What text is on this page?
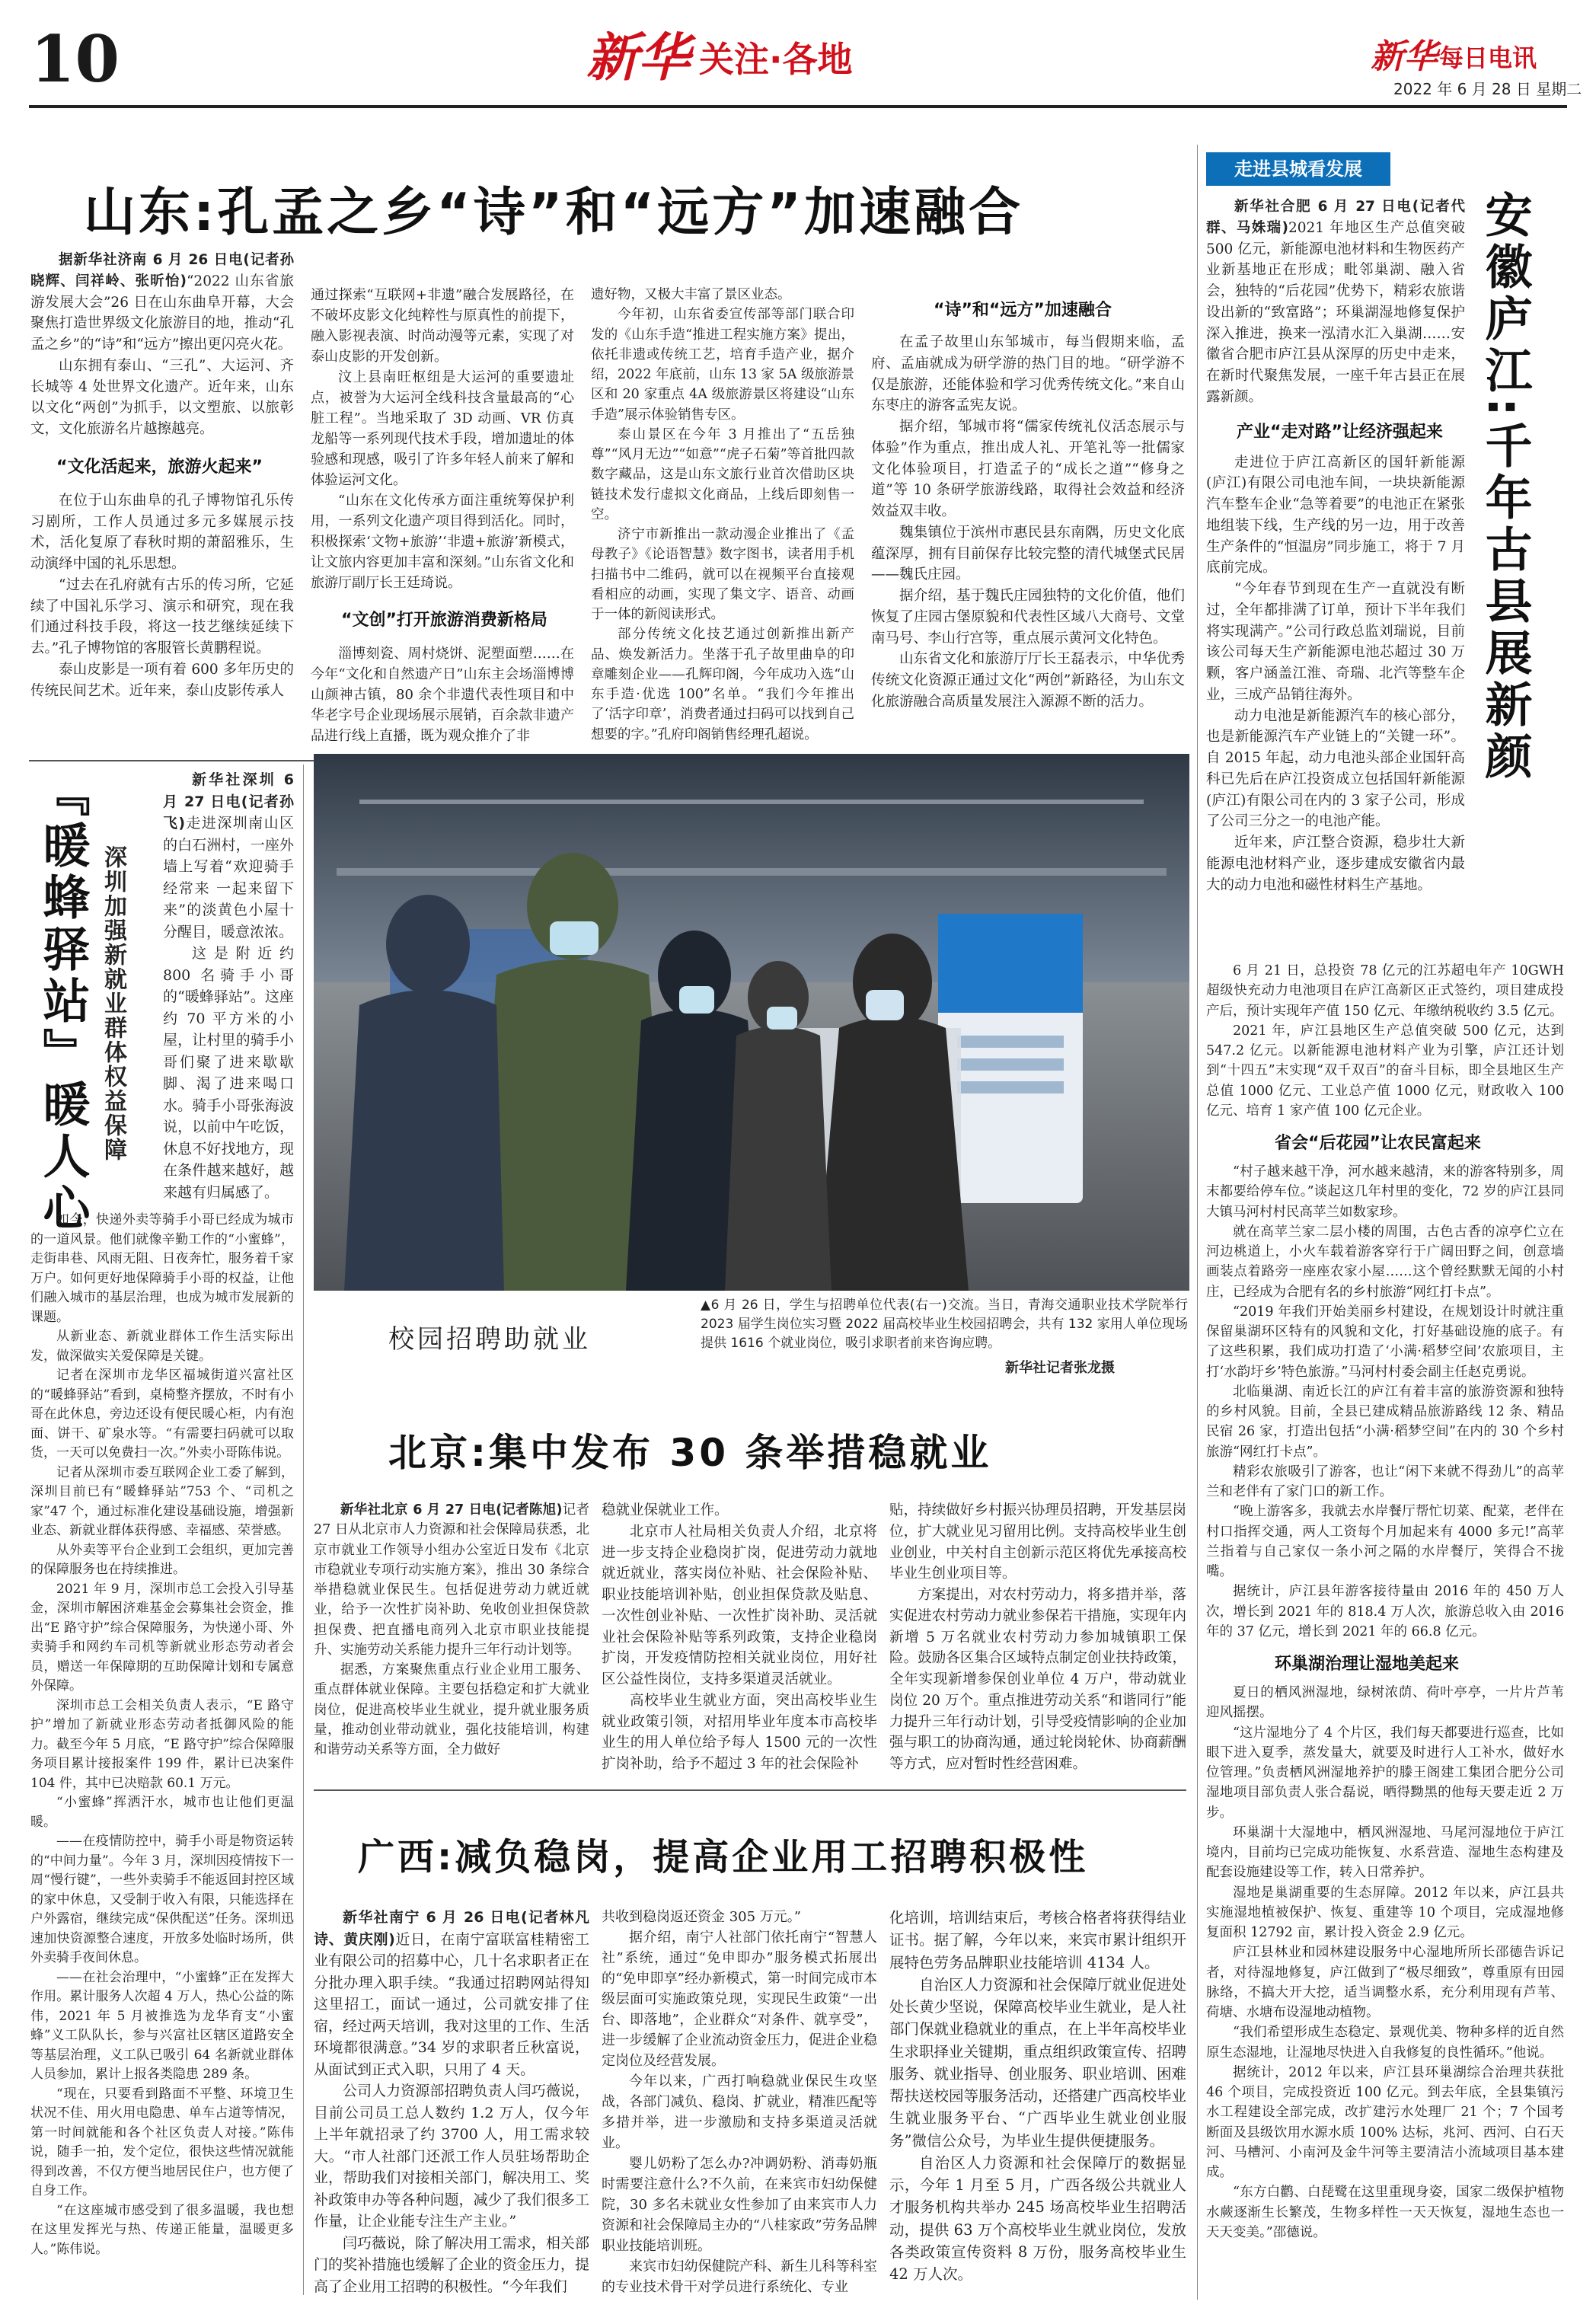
10	新华 关注·各地	新华 每日电讯
2022 年 6 月 28 日 星期二
山东:孔孟之乡“诗”和“远方”加速融合

据新华社济南 6 月 26 日电(记者孙晓辉、闫祥岭、张昕怡)“2022 山东省旅游发展大会”26 日在山东曲阜开幕，大会聚焦打造世界级文化旅游目的地，推动“孔孟之乡”的“诗”和“远方”擦出更闪亮火花。

山东拥有泰山、“三孔”、大运河、齐长城等 4 处世界文化遗产。近年来，山东以文化“两创”为抓手，以文塑旅、以旅彰文，文化旅游名片越擦越亮。

“文化活起来，旅游火起来”

在位于山东曲阜的孔子博物馆孔乐传习剧所，工作人员通过多元多媒展示技术，活化复原了春秋时期的萧韶雅乐，生动演绎中国的礼乐思想。

“过去在孔府就有古乐的传习所，它延续了中国礼乐学习、演示和研究，现在我们通过科技手段，将这一技艺继续延续下去。”孔子博物馆的客服管长黄鹏程说。

泰山皮影是一项有着 600 多年历史的传统民间艺术。近年来，泰山皮影传承人

通过探索“互联网+非遗”融合发展路径，在不破坏皮影文化纯粹性与原真性的前提下，融入影视表演、时尚动漫等元素，实现了对泰山皮影的开发创新。

汶上县南旺枢纽是大运河的重要遗址点，被誉为大运河全线科技含量最高的“心脏工程”。当地采取了 3D 动画、VR 仿真龙船等一系列现代技术手段，增加遗址的体验感和现感，吸引了许多年轻人前来了解和体验运河文化。

“山东在文化传承方面注重统筹保护利用，一系列文化遗产项目得到活化。同时，积极探索‘文物+旅游’‘非遗+旅游’新模式，让文旅内容更加丰富和深刻。”山东省文化和旅游厅副厅长王廷琦说。

“文创”打开旅游消费新格局

淄博刻瓷、周村烧饼、泥塑面塑……在今年“文化和自然遗产日”山东主会场淄博博山颜神古镇，80 余个非遗代表性项目和中华老字号企业现场展示展销，百余款非遗产品进行线上直播，既为观众推介了非

遗好物，又极大丰富了景区业态。

今年初，山东省委宣传部等部门联合印发的《山东手造“推进工程实施方案》提出，依托非遗或传统工艺，培育手造产业，据介绍，2022 年底前，山东 13 家 5A 级旅游景区和 20 家重点 4A 级旅游景区将建设“山东手造”展示体验销售专区。

泰山景区在今年 3 月推出了“五岳独尊”“风月无边”“如意”“虎子石菊”等首批四款数字藏品，这是山东文旅行业首次借助区块链技术发行虚拟文化商品，上线后即刻售一空。

济宁市新推出一款动漫企业推出了《孟母教子》《论语智慧》数字图书，读者用手机扫描书中二维码，就可以在视频平台直接观看相应的动画，实现了集文字、语音、动画于一体的新阅读形式。

部分传统文化技艺通过创新推出新产品、焕发新活力。坐落于孔子故里曲阜的印章雕刻企业——孔辉印阁，今年成功入选“山东手造·优选 100”名单。“我们今年推出了‘活字印章’，消费者通过扫码可以找到自己想要的字。”孔府印阁销售经理孔超说。

“诗”和“远方”加速融合

在孟子故里山东邹城市，每当假期来临，孟府、孟庙就成为研学游的热门目的地。“研学游不仅是旅游，还能体验和学习优秀传统文化。”来自山东枣庄的游客孟宪友说。

据介绍，邹城市将“儒家传统礼仪活态展示与体验”作为重点，推出成人礼、开笔礼等一批儒家文化体验项目，打造孟子的“成长之道”“修身之道”等 10 条研学旅游线路，取得社会效益和经济效益双丰收。

魏集镇位于滨州市惠民县东南隅，历史文化底蕴深厚，拥有目前保存比较完整的清代城堡式民居——魏氏庄园。

据介绍，基于魏氏庄园独特的文化价值，他们恢复了庄园古堡原貌和代表性区域八大商号、文堂南马号、李山行宫等，重点展示黄河文化特色。

山东省文化和旅游厅厅长王磊表示，中华优秀传统文化资源正通过文化“两创”新路径，为山东文化旅游融合高质量发展注入源源不断的活力。

『暖蜂驿站』暖人心 深圳加强新就业群体权益保障

新华社深圳 6 月 27 日电(记者孙飞)走进深圳南山区的白石洲村，一座外墙上写着“欢迎骑手经常来 一起来留下来”的淡黄色小屋十分醒目，暖意浓浓。

这是附近约 800 名骑手小哥的“暖蜂驿站”。这座约 70 平方米的小屋，让村里的骑手小哥们聚了进来歇歇脚、渴了进来喝口水。骑手小哥张海波说，以前中午吃饭，休息不好找地方，现在条件越来越好，越来越有归属感了。

如今，快递外卖等骑手小哥已经成为城市的一道风景。他们就像辛勤工作的“小蜜蜂”，走街串巷、风雨无阻、日夜奔忙，服务着千家万户。如何更好地保障骑手小哥的权益，让他们融入城市的基层治理，也成为城市发展新的课题。

从新业态、新就业群体工作生活实际出发，做深做实关爱保障是关键。

记者在深圳市龙华区福城街道兴富社区的“暖蜂驿站”看到，桌椅整齐摆放，不时有小哥在此休息，旁边还设有便民暖心柜，内有泡面、饼干、矿泉水等。“有需要扫码就可以取货，一天可以免费扫一次。”外卖小哥陈伟说。

记者从深圳市委互联网企业工委了解到，深圳目前已有“暖蜂驿站”753 个、“司机之家”47 个，通过标准化建设基础设施，增强新业态、新就业群体获得感、幸福感、荣誉感。

从外卖等平台企业到工会组织，更加完善的保障服务也在持续推进。

2021 年 9 月，深圳市总工会投入引导基金，深圳市解困济难基金会募集社会资金，推出“E 路守护”综合保障服务，为快递小哥、外卖骑手和网约车司机等新就业形态劳动者会员，赠送一年保障期的互助保障计划和专属意外保障。

深圳市总工会相关负责人表示，“E 路守护”增加了新就业形态劳动者抵御风险的能力。截至今年 5 月底，“E 路守护”综合保障服务项目累计接报案件 199 件，累计已决案件 104 件，其中已决赔款 60.1 万元。

“小蜜蜂”挥洒汗水，城市也让他们更温暖。

——在疫情防控中，骑手小哥是物资运转的“中间力量”。今年 3 月，深圳因疫情按下一周“慢行键”，一些外卖骑手不能返回封控区域的家中休息，又受制于收入有限，只能选择在户外露宿，继续完成“保供配送”任务。深圳迅速加快资源整合速度，开放多处临时场所，供外卖骑手夜间休息。

——在社会治理中，“小蜜蜂”正在发挥大作用。累计服务人次超 4 万人，热心公益的陈伟，2021 年 5 月被推选为龙华育支“小蜜蜂”义工队队长，参与兴富社区辖区道路安全等基层治理，义工队已吸引 64 名新就业群体人员参加，累计上报各类隐患 289 条。

“现在，只要看到路面不平整、环境卫生状况不佳、用火用电隐患、单车占道等情况，第一时间就能和各个社区负责人对接。”陈伟说，随手一拍，发个定位，很快这些情况就能得到改善，不仅方便当地居民住户，也方便了自身工作。

“在这座城市感受到了很多温暖，我也想在这里发挥光与热、传递正能量，温暖更多人。”陈伟说。

校园招聘助就业
▲6 月 26 日，学生与招聘单位代表(右一)交流。当日，青海交通职业技术学院举行 2023 届学生岗位实习暨 2022 届高校毕业生校园招聘会，共有 132 家用人单位现场提供 1616 个就业岗位，吸引求职者前来咨询应聘。
新华社记者张龙摄
北京:集中发布 30 条举措稳就业

新华社北京 6 月 27 日电(记者陈旭)记者 27 日从北京市人力资源和社会保障局获悉，北京市就业工作领导小组办公室近日发布《北京市稳就业专项行动实施方案》，推出 30 条综合举措稳就业保民生。包括促进劳动力就近就业，给予一次性扩岗补助、免收创业担保贷款担保费、把直播电商列入北京市职业技能提升、实施劳动关系能力提升三年行动计划等。

据悉，方案聚焦重点行业企业用工服务、重点群体就业保障。主要包括稳定和扩大就业岗位，促进高校毕业生就业，提升就业服务质量，推动创业带动就业，强化技能培训，构建和谐劳动关系等方面，全力做好

稳就业保就业工作。

北京市人社局相关负责人介绍，北京将进一步支持企业稳岗扩岗，促进劳动力就地就近就业，落实岗位补贴、社会保险补贴、职业技能培训补贴，创业担保贷款及贴息、一次性创业补贴、一次性扩岗补助、灵活就业社会保险补贴等系列政策，支持企业稳岗扩岗，开发疫情防控相关就业岗位，用好社区公益性岗位，支持多渠道灵活就业。

高校毕业生就业方面，突出高校毕业生就业政策引领，对招用毕业年度本市高校毕业生的用人单位给予每人 1500 元的一次性扩岗补助，给予不超过 3 年的社会保险补

贴，持续做好乡村振兴协理员招聘，开发基层岗位，扩大就业见习留用比例。支持高校毕业生创业创业，中关村自主创新示范区将优先承接高校毕业生创业项目等。

方案提出，对农村劳动力，将多措并举，落实促进农村劳动力就业参保若干措施，实现年内新增 5 万名就业农村劳动力参加城镇职工保险。鼓励各区集合区域特点制定创业扶持政策，全年实现新增参保创业单位 4 万户，带动就业岗位 20 万个。重点推进劳动关系“和谐同行”能力提升三年行动计划，引导受疫情影响的企业加强与职工的协商沟通，通过轮岗轮休、协商薪酬等方式，应对暂时性经营困难。

广西:减负稳岗，提高企业用工招聘积极性

新华社南宁 6 月 26 日电(记者林凡诗、黄庆刚)近日，在南宁富联富桂精密工业有限公司的招募中心，几十名求职者正在分批办理入职手续。“我通过招聘网站得知这里招工，面试一通过，公司就安排了住宿，经过两天培训，我对这里的工作、生活环境都很满意。”34 岁的求职者丘秋富说，从面试到正式入职，只用了 4 天。

公司人力资源部招聘负责人闫巧薇说，目前公司员工总人数约 1.2 万人，仅今年上半年就招录了约 3700 人，用工需求较大。“市人社部门还派工作人员驻场帮助企业，帮助我们对接相关部门，解决用工、奖补政策申办等各种问题，减少了我们很多工作量，让企业能专注生产主业。”

闫巧薇说，除了解决用工需求，相关部门的奖补措施也缓解了企业的资金压力，提高了企业用工招聘的积极性。“今年我们

共收到稳岗返还资金 305 万元。”

据介绍，南宁人社部门依托南宁“智慧人社”系统，通过“免申即办”服务模式拓展出的“免申即享”经办新模式，第一时间完成市本级层面可实施政策兑现，实现民生政策“一出台、即落地”，企业群众“对条件、就享受”，进一步缓解了企业流动资金压力，促进企业稳定岗位及经营发展。

今年以来，广西打响稳就业保民生攻坚战，各部门减负、稳岗、扩就业，精准匹配等多措并举，进一步激励和支持多渠道灵活就业。

婴儿奶粉了怎么办?冲调奶粉、消毒奶瓶时需要注意什么?不久前，在来宾市妇幼保健院，30 多名未就业女性参加了由来宾市人力资源和社会保障局主办的“八桂家政”劳务品牌职业技能培训班。

来宾市妇幼保健院产科、新生儿科等科室的专业技术骨干对学员进行系统化、专业

化培训，培训结束后，考核合格者将获得结业证书。据了解，今年以来，来宾市累计组织开展特色劳务品牌职业技能培训 4134 人。

自治区人力资源和社会保障厅就业促进处处长黄少坚说，保障高校毕业生就业，是人社部门保就业稳就业的重点，在上半年高校毕业生求职择业关键期，重点组织政策宣传、招聘服务、就业指导、创业服务、职业培训、困难帮扶送校园等服务活动，还搭建广西高校毕业生就业服务平台、“广西毕业生就业创业服务”微信公众号，为毕业生提供便捷服务。

自治区人力资源和社会保障厅的数据显示，今年 1 月至 5 月，广西各级公共就业人才服务机构共举办 245 场高校毕业生招聘活动，提供 63 万个高校毕业生就业岗位，发放各类政策宣传资料 8 万份，服务高校毕业生 42 万人次。

走进县城看发展
安徽庐江:千年古县展新颜

新华社合肥 6 月 27 日电(记者代群、马姝瑞)2021 年地区生产总值突破 500 亿元，新能源电池材料和生物医药产业新基地正在形成；毗邻巢湖、融入省会，独特的“后花园”优势下，精彩农旅谐设出新的“致富路”；环巢湖湿地修复保护深入推进，换来一泓清水汇入巢湖……安徽省合肥市庐江县从深厚的历史中走来，在新时代聚焦发展，一座千年古县正在展露新颜。

产业“走对路”让经济强起来

走进位于庐江高新区的国轩新能源(庐江)有限公司电池车间，一块块新能源汽车整车企业“急等着要”的电池正在紧张地组装下线，生产线的另一边，用于改善生产条件的“恒温房”同步施工，将于 7 月底前完成。

“今年春节到现在生产一直就没有断过，全年都排满了订单，预计下半年我们将实现满产。”公司行政总监刘瑞说，目前该公司每天生产新能源电池芯超过 30 万颗，客户涵盖江淮、奇瑞、北汽等整车企业，三成产品销往海外。

动力电池是新能源汽车的核心部分，也是新能源汽车产业链上的“关键一环”。自 2015 年起，动力电池头部企业国轩高科已先后在庐江投资成立包括国轩新能源(庐江)有限公司在内的 3 家子公司，形成了公司三分之一的电池产能。

近年来，庐江整合资源，稳步壮大新能源电池材料产业，逐步建成安徽省内最大的动力电池和磁性材料生产基地。

6 月 21 日，总投资 78 亿元的江苏超电年产 10GWH 超级快充动力电池项目在庐江高新区正式签约，项目建成投产后，预计实现年产值 150 亿元、年缴纳税收约 3.5 亿元。

2021 年，庐江县地区生产总值突破 500 亿元，达到 547.2 亿元。以新能源电池材料产业为引擎，庐江还计划到“十四五”末实现“双千双百”的奋斗目标，即全县地区生产总值 1000 亿元、工业总产值 1000 亿元，财政收入 100 亿元、培育 1 家产值 100 亿元企业。

省会“后花园”让农民富起来

“村子越来越干净，河水越来越清，来的游客特别多，周末都要给停车位。”谈起这几年村里的变化，72 岁的庐江县同大镇马河村村民高苹兰如数家珍。

就在高苹兰家二层小楼的周围，古色古香的凉亭伫立在河边桃道上，小火车载着游客穿行于广阔田野之间，创意墙画装点着路旁一座座农家小屋……这个曾经默默无闻的小村庄，已经成为合肥有名的乡村旅游“网红打卡点”。

“2019 年我们开始美丽乡村建设，在规划设计时就注重保留巢湖环区特有的风貌和文化，打好基础设施的底子。有了这些积累，我们成功打造了‘小满·稻梦空间’农旅项目，主打‘水韵圩乡’特色旅游。”马河村村委会副主任赵克勇说。

北临巢湖、南近长江的庐江有着丰富的旅游资源和独特的乡村风貌。目前，全县已建成精品旅游路线 12 条、精品民宿 26 家，打造出包括“小满·稻梦空间”在内的 30 个乡村旅游“网红打卡点”。

精彩农旅吸引了游客，也让“闲下来就不得劲儿”的高苹兰和老伴有了家门口的新工作。

“晚上游客多，我就去水岸餐厅帮忙切菜、配菜，老伴在村口指挥交通，两人工资每个月加起来有 4000 多元!”高苹兰指着与自己家仅一条小河之隔的水岸餐厅，笑得合不拢嘴。

据统计，庐江县年游客接待量由 2016 年的 450 万人次，增长到 2021 年的 818.4 万人次，旅游总收入由 2016 年的 37 亿元，增长到 2021 年的 66.8 亿元。

环巢湖治理让湿地美起来

夏日的栖风洲湿地，绿树浓荫、荷叶亭亭，一片片芦苇迎风摇摆。

“这片湿地分了 4 个片区，我们每天都要进行巡查，比如眼下进入夏季，蒸发量大，就要及时进行人工补水，做好水位管理。”负责栖风洲湿地养护的滕王阁建工集团合肥分公司湿地项目部负责人张合磊说，晒得黝黑的他每天要走近 2 万步。

环巢湖十大湿地中，栖风洲湿地、马尾河湿地位于庐江境内，目前均已完成功能恢复、水系营造、湿地生态构建及配套设施建设等工作，转入日常养护。

湿地是巢湖重要的生态屏障。2012 年以来，庐江县共实施湿地植被保护、恢复、重建等 10 个项目，完成湿地修复面积 12792 亩，累计投入资金 2.9 亿元。

庐江县林业和园林建设服务中心湿地所所长邵德告诉记者，对待湿地修复，庐江做到了“极尽细致”，尊重原有田园脉络，不搞大开大挖，适当调整水系，充分利用现有芦苇、荷塘、水塘布设湿地动植物。

“我们希望形成生态稳定、景观优美、物种多样的近自然原生态湿地，让湿地尽快进入自我修复的良性循环。”他说。

据统计，2012 年以来，庐江县环巢湖综合治理共获批 46 个项目，完成投资近 100 亿元。到去年底，全县集镇污水工程建设全部完成，改扩建污水处理厂 21 个；7 个国考断面及县级饮用水源水质 100% 达标，兆河、西河、白石天河、马槽河、小南河及金牛河等主要清洁小流域项目基本建成。

“东方白鹳、白琵鹭在这里重现身姿，国家二级保护植物水蕨逐渐生长繁茂，生物多样性一天天恢复，湿地生态也一天天变美。”邵德说。
